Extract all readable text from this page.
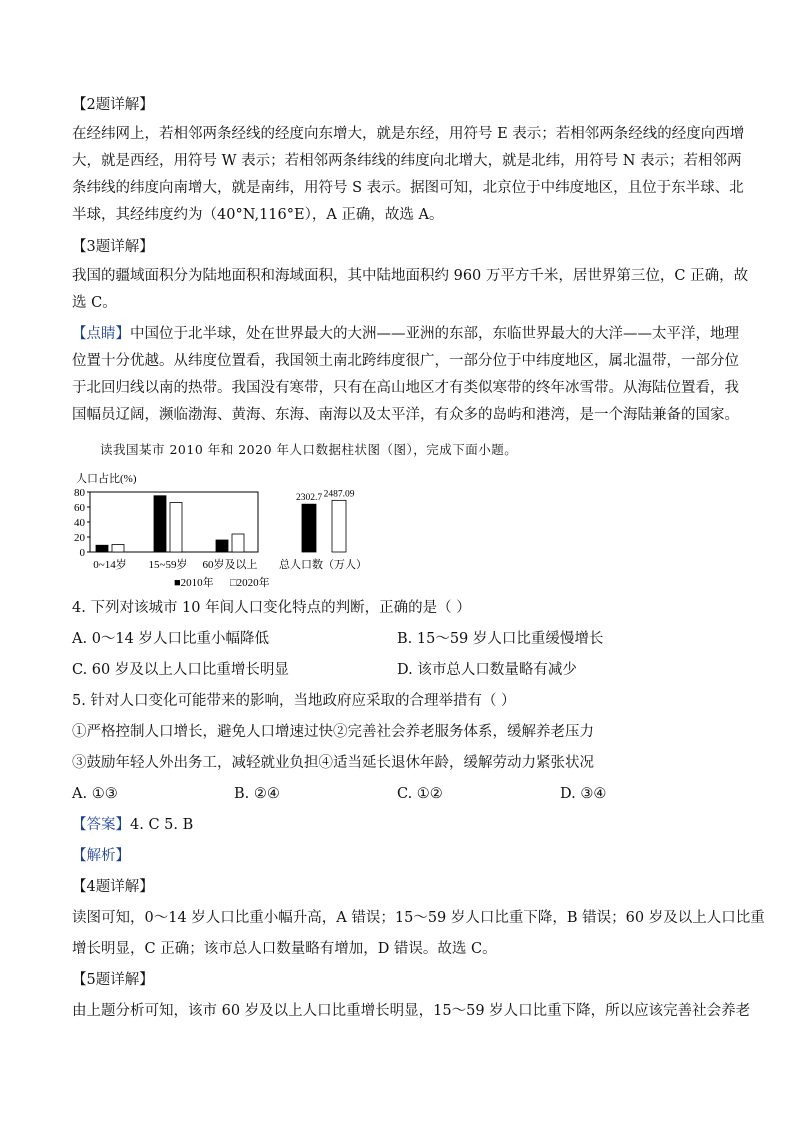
【2题详解】
在经纬网上，若相邻两条经线的经度向东增大，就是东经，用符号 E 表示；若相邻两条经线的经度向西增
大，就是西经，用符号 W 表示；若相邻两条纬线的纬度向北增大，就是北纬，用符号 N 表示；若相邻两
条纬线的纬度向南增大，就是南纬，用符号 S 表示。据图可知，北京位于中纬度地区，且位于东半球、北
半球，其经纬度约为（40°N,116°E），A 正确，故选 A。
【3题详解】
我国的疆域面积分为陆地面积和海域面积，其中陆地面积约 960 万平方千米，居世界第三位，C 正确，故
选 C。
【点睛】中国位于北半球，处在世界最大的大洲——亚洲的东部，东临世界最大的大洋——太平洋，地理
位置十分优越。从纬度位置看，我国领土南北跨纬度很广，一部分位于中纬度地区，属北温带，一部分位
于北回归线以南的热带。我国没有寒带，只有在高山地区才有类似寒带的终年冰雪带。从海陆位置看，我
国幅员辽阔，濒临渤海、黄海、东海、南海以及太平洋，有众多的岛屿和港湾，是一个海陆兼备的国家。
读我国某市 2010 年和 2020 年人口数据柱状图（图），完成下面小题。
人口占比(%)
0
20
40
60
80	2302.7 2487.09
0~14岁 15~59岁 60岁及以上 总人口数（万人）
■2010年 □2020年
4. 下列对该城市 10 年间人口变化特点的判断，正确的是（ ）
A. 0～14 岁人口比重小幅降低	B. 15～59 岁人口比重缓慢增长
C. 60 岁及以上人口比重增长明显	D. 该市总人口数量略有减少
5. 针对人口变化可能带来的影响，当地政府应采取的合理举措有（ ）
①严格控制人口增长，避免人口增速过快②完善社会养老服务体系，缓解养老压力
③鼓励年轻人外出务工，减轻就业负担④适当延长退休年龄，缓解劳动力紧张状况
A. ①③	B. ②④	C. ①②	D. ③④
【答案】4. C 5. B
【解析】
【4题详解】
读图可知，0～14 岁人口比重小幅升高，A 错误；15～59 岁人口比重下降，B 错误；60 岁及以上人口比重
增长明显，C 正确；该市总人口数量略有增加，D 错误。故选 C。
【5题详解】
由上题分析可知，该市 60 岁及以上人口比重增长明显，15～59 岁人口比重下降，所以应该完善社会养老
